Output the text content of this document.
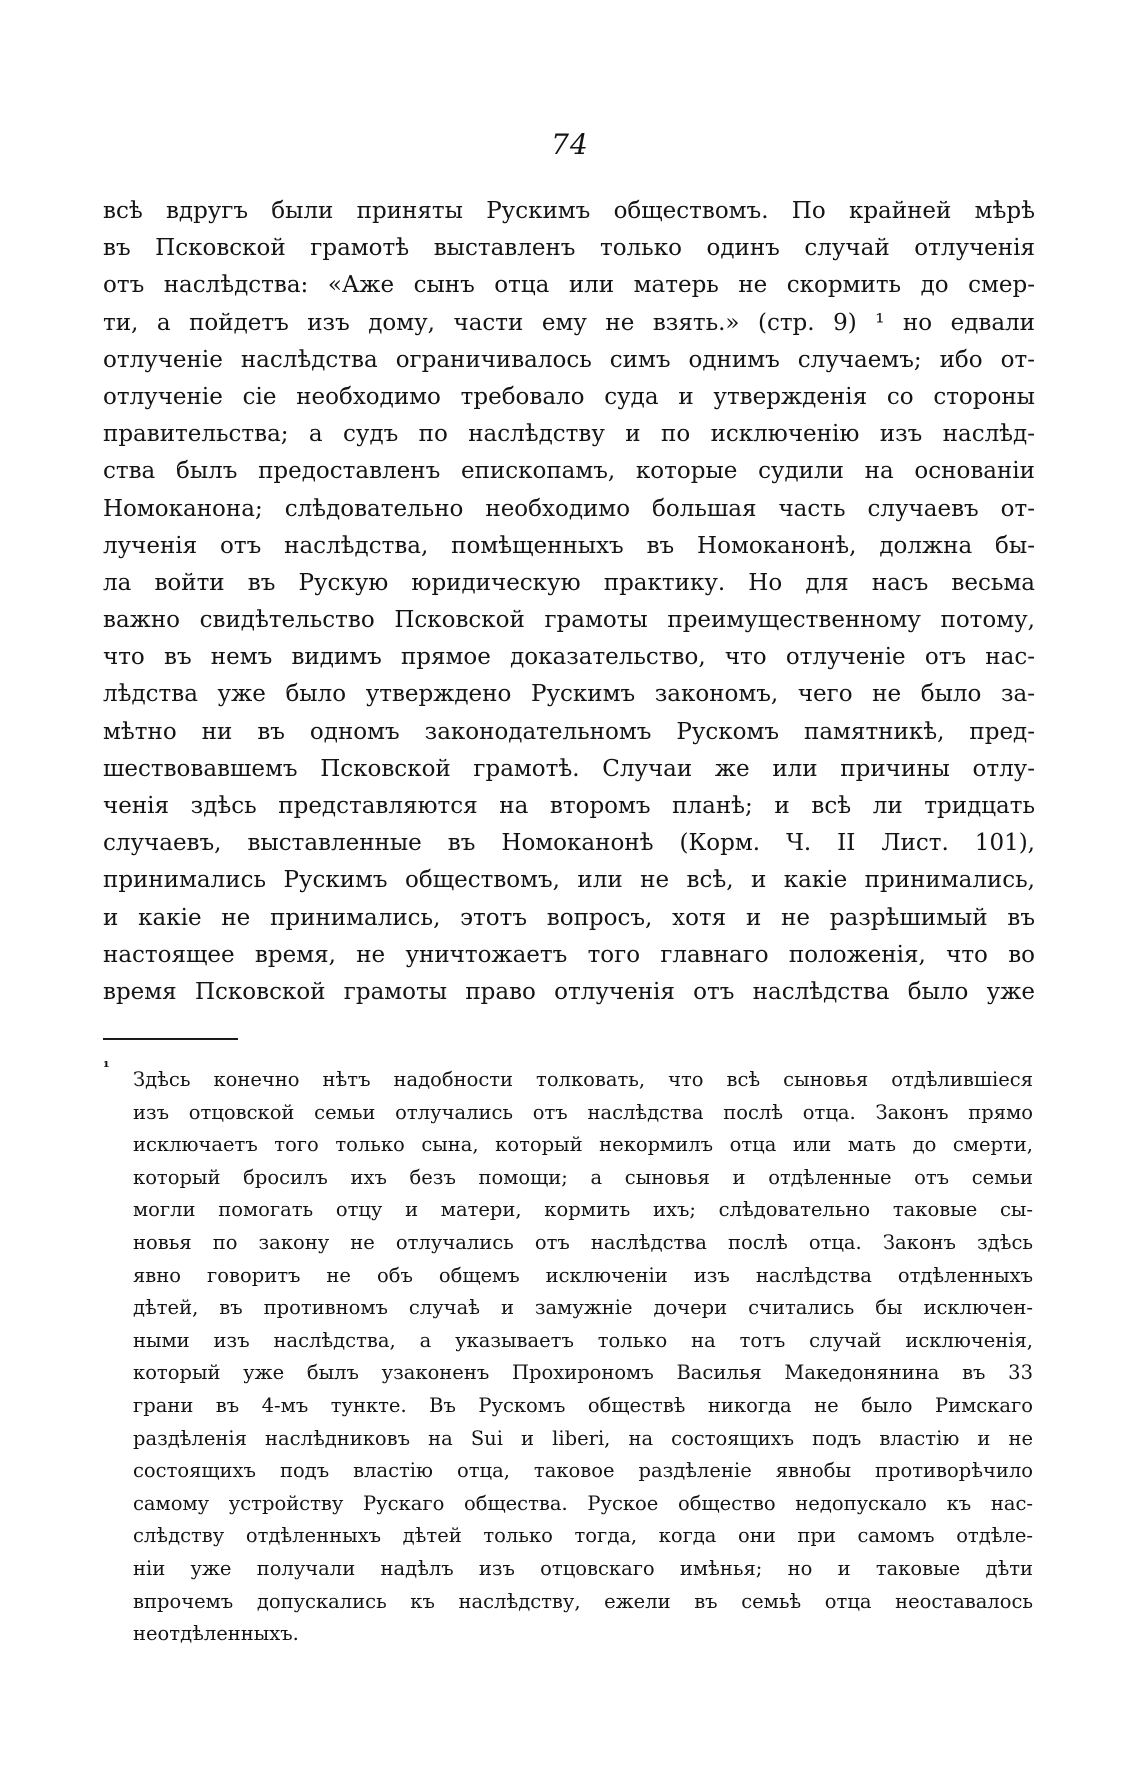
74
всѣ вдругъ были приняты Рускимъ обществомъ. По крайней мѣрѣ
въ Псковской грамотѣ выставленъ только одинъ случай отлученія
отъ наслѣдства: «Аже сынъ отца или матерь не скормить до смер-
ти, а пойдетъ изъ дому, части ему не взять.» (стр. 9) ¹ но едвали
отлученіе наслѣдства ограничивалось симъ однимъ случаемъ; ибо от-
отлученіе сіе необходимо требовало суда и утвержденія со стороны
правительства; а судъ по наслѣдству и по исключенію изъ наслѣд-
ства былъ предоставленъ епископамъ, которые судили на основаніи
Номоканона; слѣдовательно необходимо большая часть случаевъ от-
лученія отъ наслѣдства, помѣщенныхъ въ Номоканонѣ, должна бы-
ла войти въ Рускую юридическую практику. Но для насъ весьма
важно свидѣтельство Псковской грамоты преимущественному потому,
что въ немъ видимъ прямое доказательство, что отлученіе отъ нас-
лѣдства уже было утверждено Рускимъ закономъ, чего не было за-
мѣтно ни въ одномъ законодательномъ Рускомъ памятникѣ, пред-
шествовавшемъ Псковской грамотѣ. Случаи же или причины отлу-
ченія здѣсь представляются на второмъ планѣ; и всѣ ли тридцать
случаевъ, выставленные въ Номоканонѣ (Корм. Ч. II Лист. 101),
принимались Рускимъ обществомъ, или не всѣ, и какіе принимались,
и какіе не принимались, этотъ вопросъ, хотя и не разрѣшимый въ
настоящее время, не уничтожаетъ того главнаго положенія, что во
время Псковской грамоты право отлученія отъ наслѣдства было уже
¹
Здѣсь конечно нѣтъ надобности толковать, что всѣ сыновья отдѣлившіеся
изъ отцовской семьи отлучались отъ наслѣдства послѣ отца. Законъ прямо
исключаетъ того только сына, который некормилъ отца или мать до смерти,
который бросилъ ихъ безъ помощи; а сыновья и отдѣленные отъ семьи
могли помогать отцу и матери, кормить ихъ; слѣдовательно таковые сы-
новья по закону не отлучались отъ наслѣдства послѣ отца. Законъ здѣсь
явно говоритъ не объ общемъ исключеніи изъ наслѣдства отдѣленныхъ
дѣтей, въ противномъ случаѣ и замужніе дочери считались бы исключен-
ными изъ наслѣдства, а указываетъ только на тотъ случай исключенія,
который уже былъ узаконенъ Прохирономъ Василья Македонянина въ 33
грани въ 4-мъ тункте. Въ Рускомъ обществѣ никогда не было Римскаго
раздѣленія наслѣдниковъ на Sui и liberi, на состоящихъ подъ властію и не
состоящихъ подъ властію отца, таковое раздѣленіе явнобы противорѣчило
самому устройству Рускаго общества. Руское общество недопускало къ нас-
слѣдству отдѣленныхъ дѣтей только тогда, когда они при самомъ отдѣле-
ніи уже получали надѣлъ изъ отцовскаго имѣнья; но и таковые дѣти
впрочемъ допускались къ наслѣдству, ежели въ семьѣ отца неоставалось
неотдѣленныхъ.
